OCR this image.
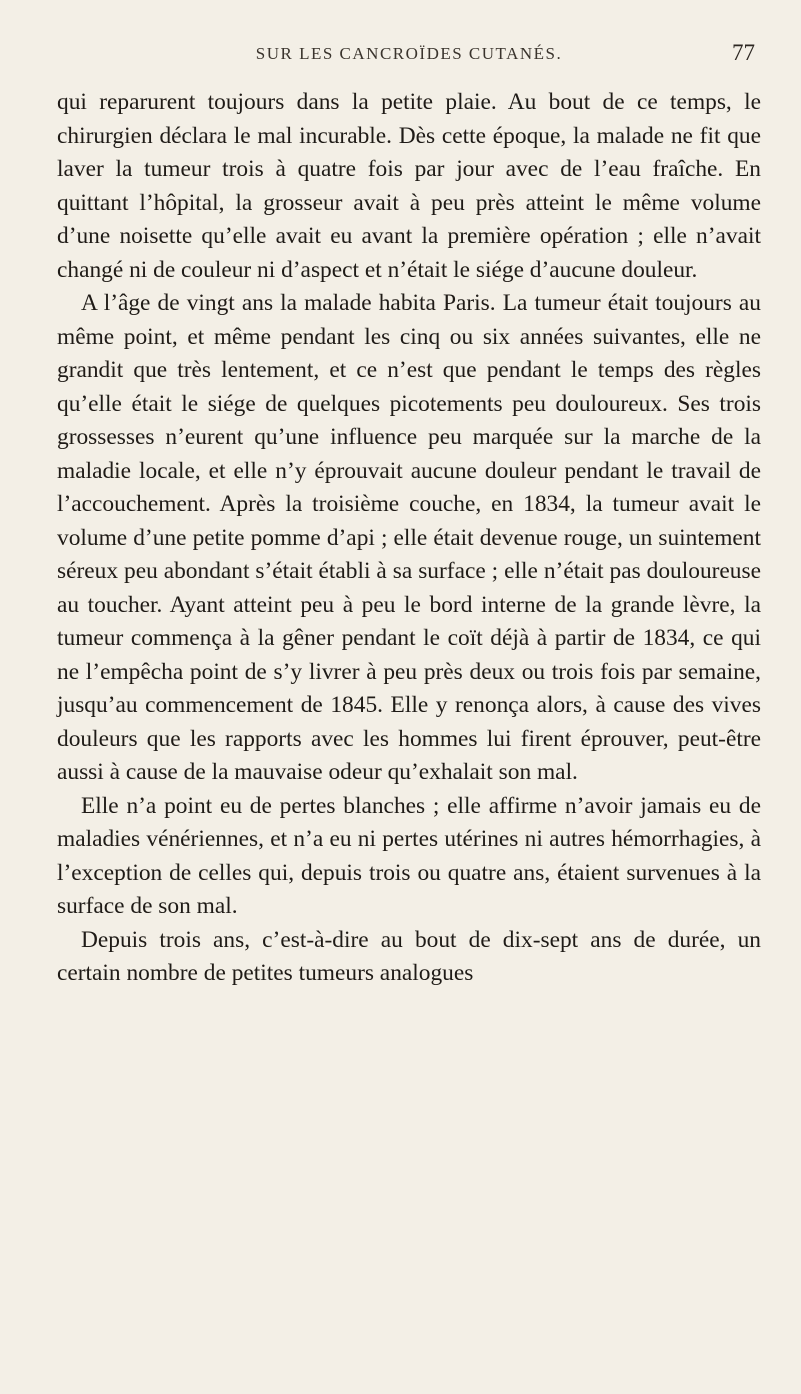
SUR LES CANCROÏDES CUTANÉS.	77

qui reparurent toujours dans la petite plaie. Au bout de ce temps, le chirurgien déclara le mal incurable. Dès cette époque, la malade ne fit que laver la tumeur trois à quatre fois par jour avec de l’eau fraîche. En quittant l’hôpital, la grosseur avait à peu près atteint le même volume d’une noisette qu’elle avait eu avant la première opération ; elle n’avait changé ni de couleur ni d’aspect et n’était le siége d’aucune douleur.

A l’âge de vingt ans la malade habita Paris. La tumeur était toujours au même point, et même pendant les cinq ou six années suivantes, elle ne grandit que très lentement, et ce n’est que pendant le temps des règles qu’elle était le siége de quelques picotements peu douloureux. Ses trois grossesses n’eurent qu’une influence peu marquée sur la marche de la maladie locale, et elle n’y éprouvait aucune douleur pendant le travail de l’accouchement. Après la troisième couche, en 1834, la tumeur avait le volume d’une petite pomme d’api ; elle était devenue rouge, un suintement séreux peu abondant s’était établi à sa surface ; elle n’était pas douloureuse au toucher. Ayant atteint peu à peu le bord interne de la grande lèvre, la tumeur commença à la gêner pendant le coït déjà à partir de 1834, ce qui ne l’empêcha point de s’y livrer à peu près deux ou trois fois par semaine, jusqu’au commencement de 1845. Elle y renonça alors, à cause des vives douleurs que les rapports avec les hommes lui firent éprouver, peut-être aussi à cause de la mauvaise odeur qu’exhalait son mal.

Elle n’a point eu de pertes blanches ; elle affirme n’avoir jamais eu de maladies vénériennes, et n’a eu ni pertes utérines ni autres hémorrhagies, à l’exception de celles qui, depuis trois ou quatre ans, étaient survenues à la surface de son mal.

Depuis trois ans, c’est-à-dire au bout de dix-sept ans de durée, un certain nombre de petites tumeurs analogues
